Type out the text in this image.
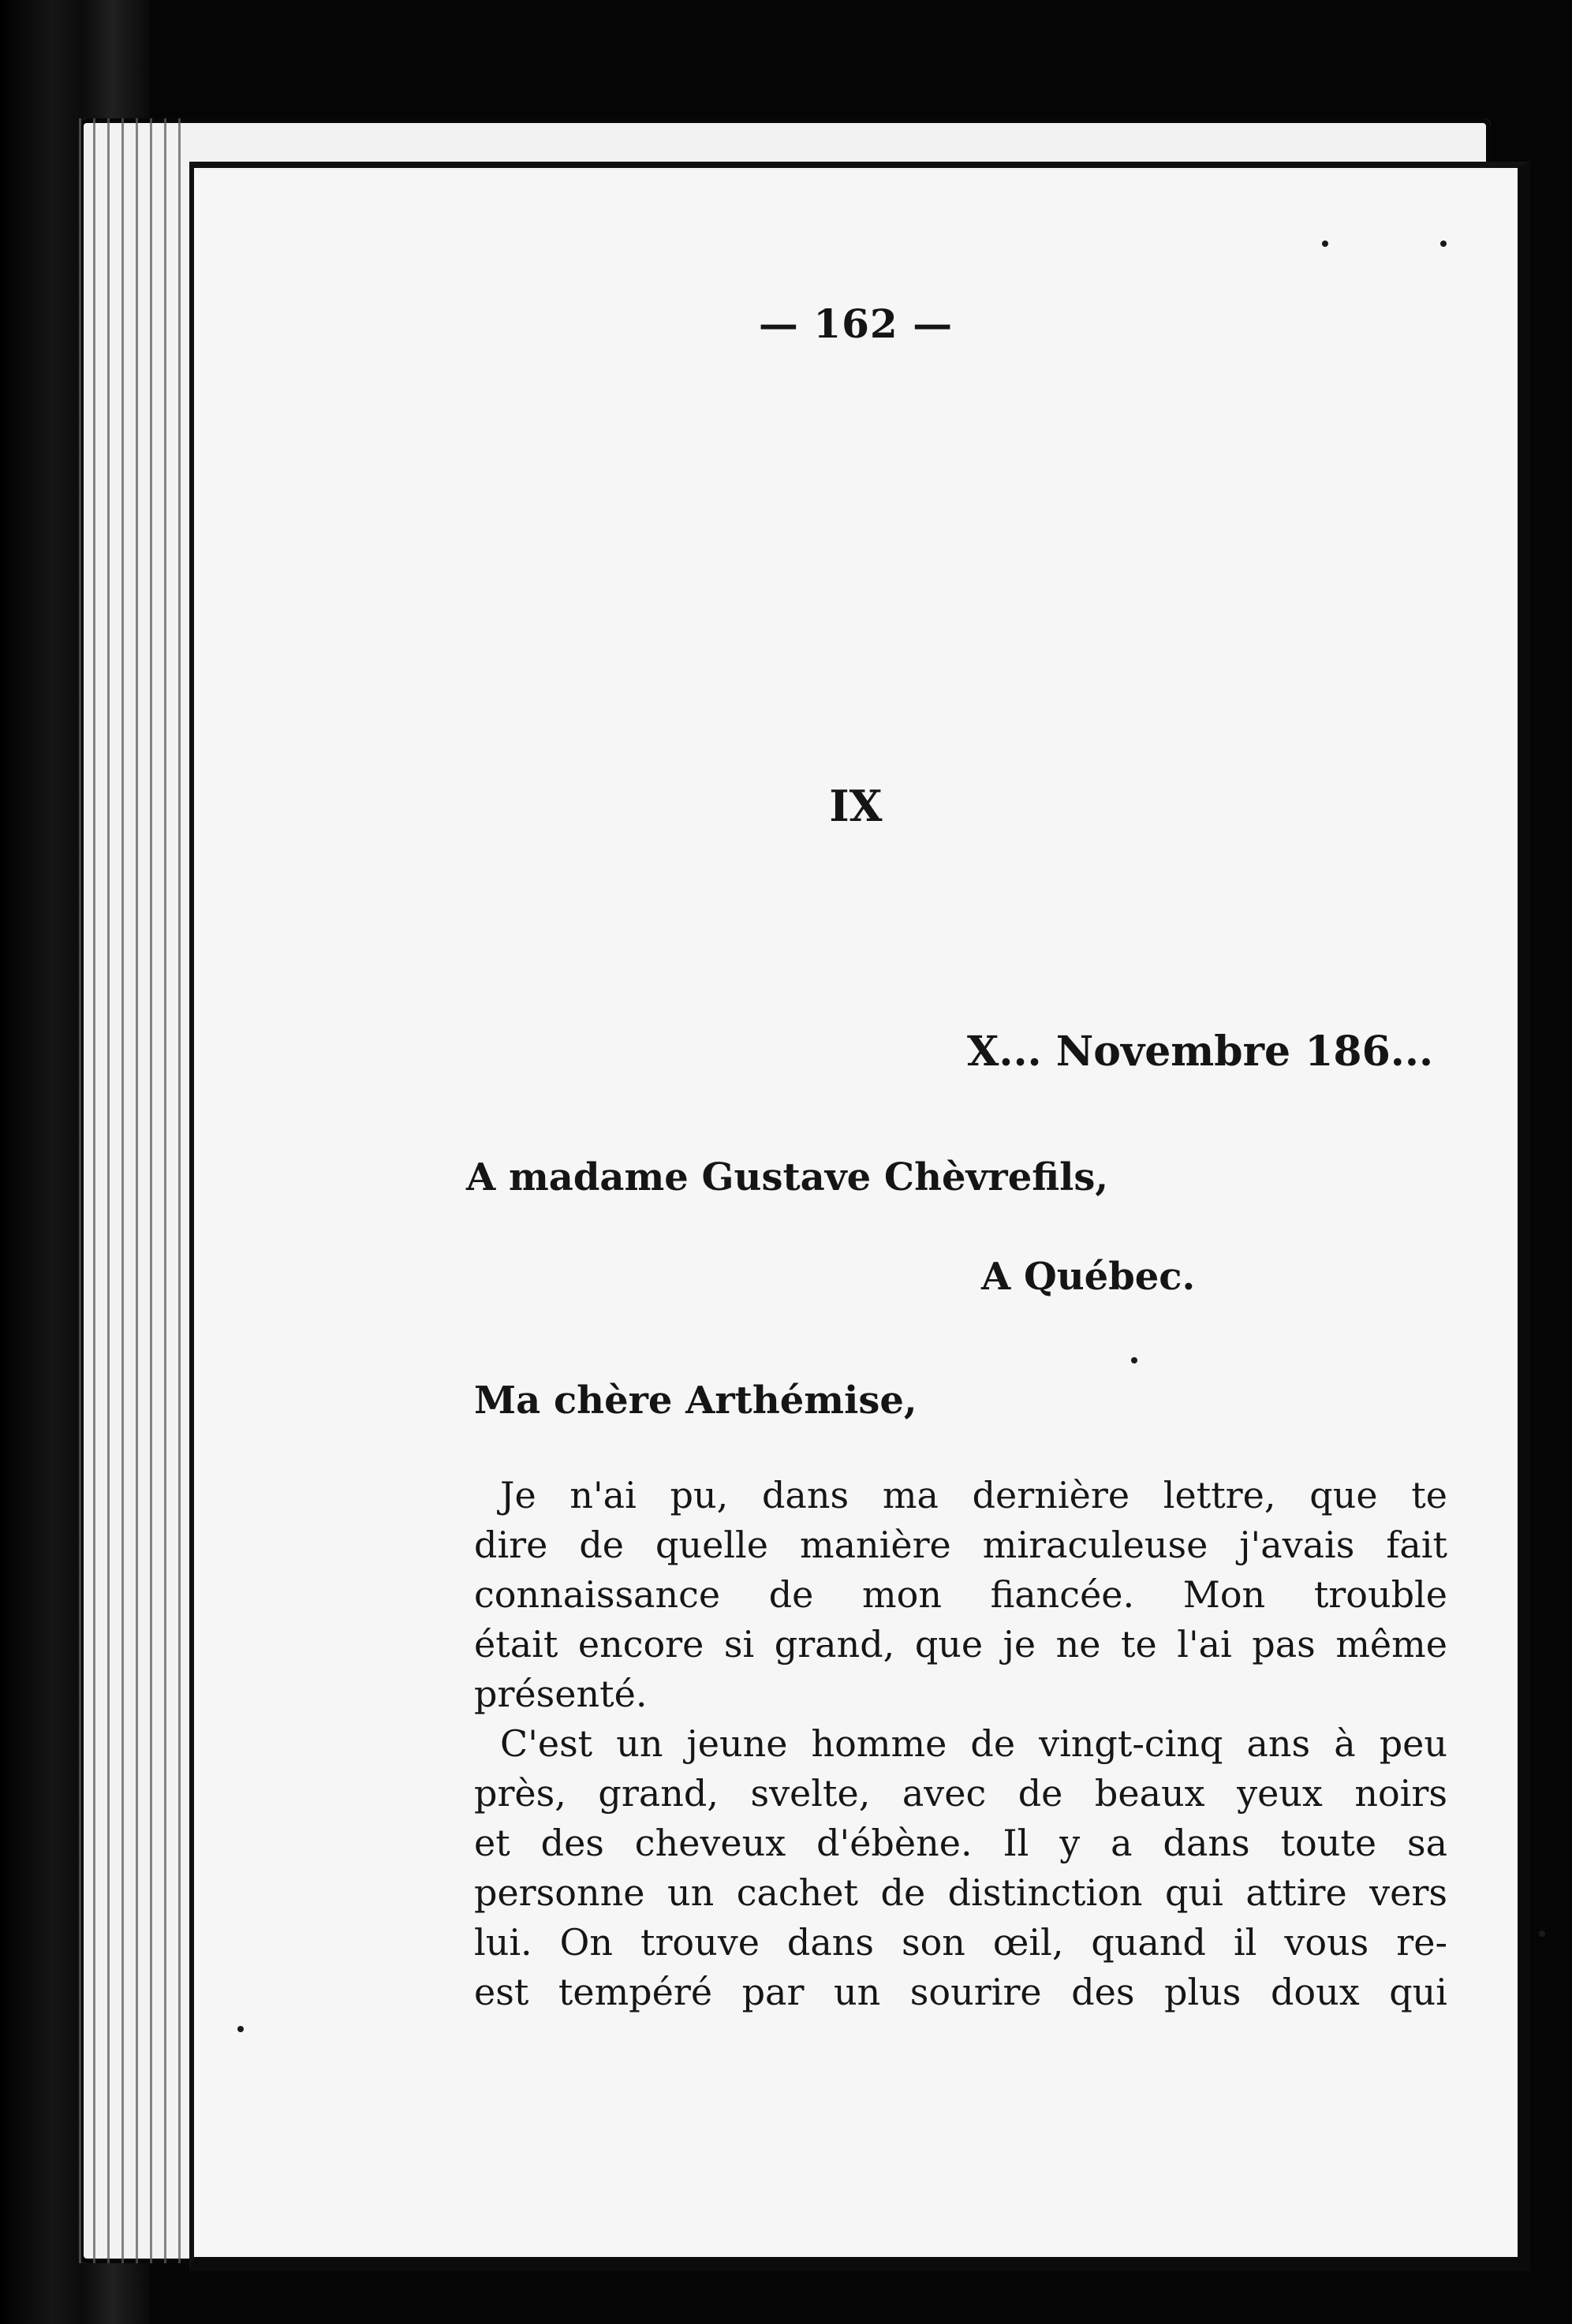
— 162 —
IX
X... Novembre 186...
A madame Gustave Chèvrefils,
A Québec.
Ma chère Arthémise,

Je n'ai pu, dans ma dernière lettre, que te
dire de quelle manière miraculeuse j'avais fait
connaissance de mon fiancée. Mon trouble
était encore si grand, que je ne te l'ai pas même
présenté.

C'est un jeune homme de vingt-cinq ans à peu
près, grand, svelte, avec de beaux yeux noirs
et des cheveux d'ébène. Il y a dans toute sa
personne un cachet de distinction qui attire vers
lui. On trouve dans son œil, quand il vous re-
est tempéré par un sourire des plus doux qui
